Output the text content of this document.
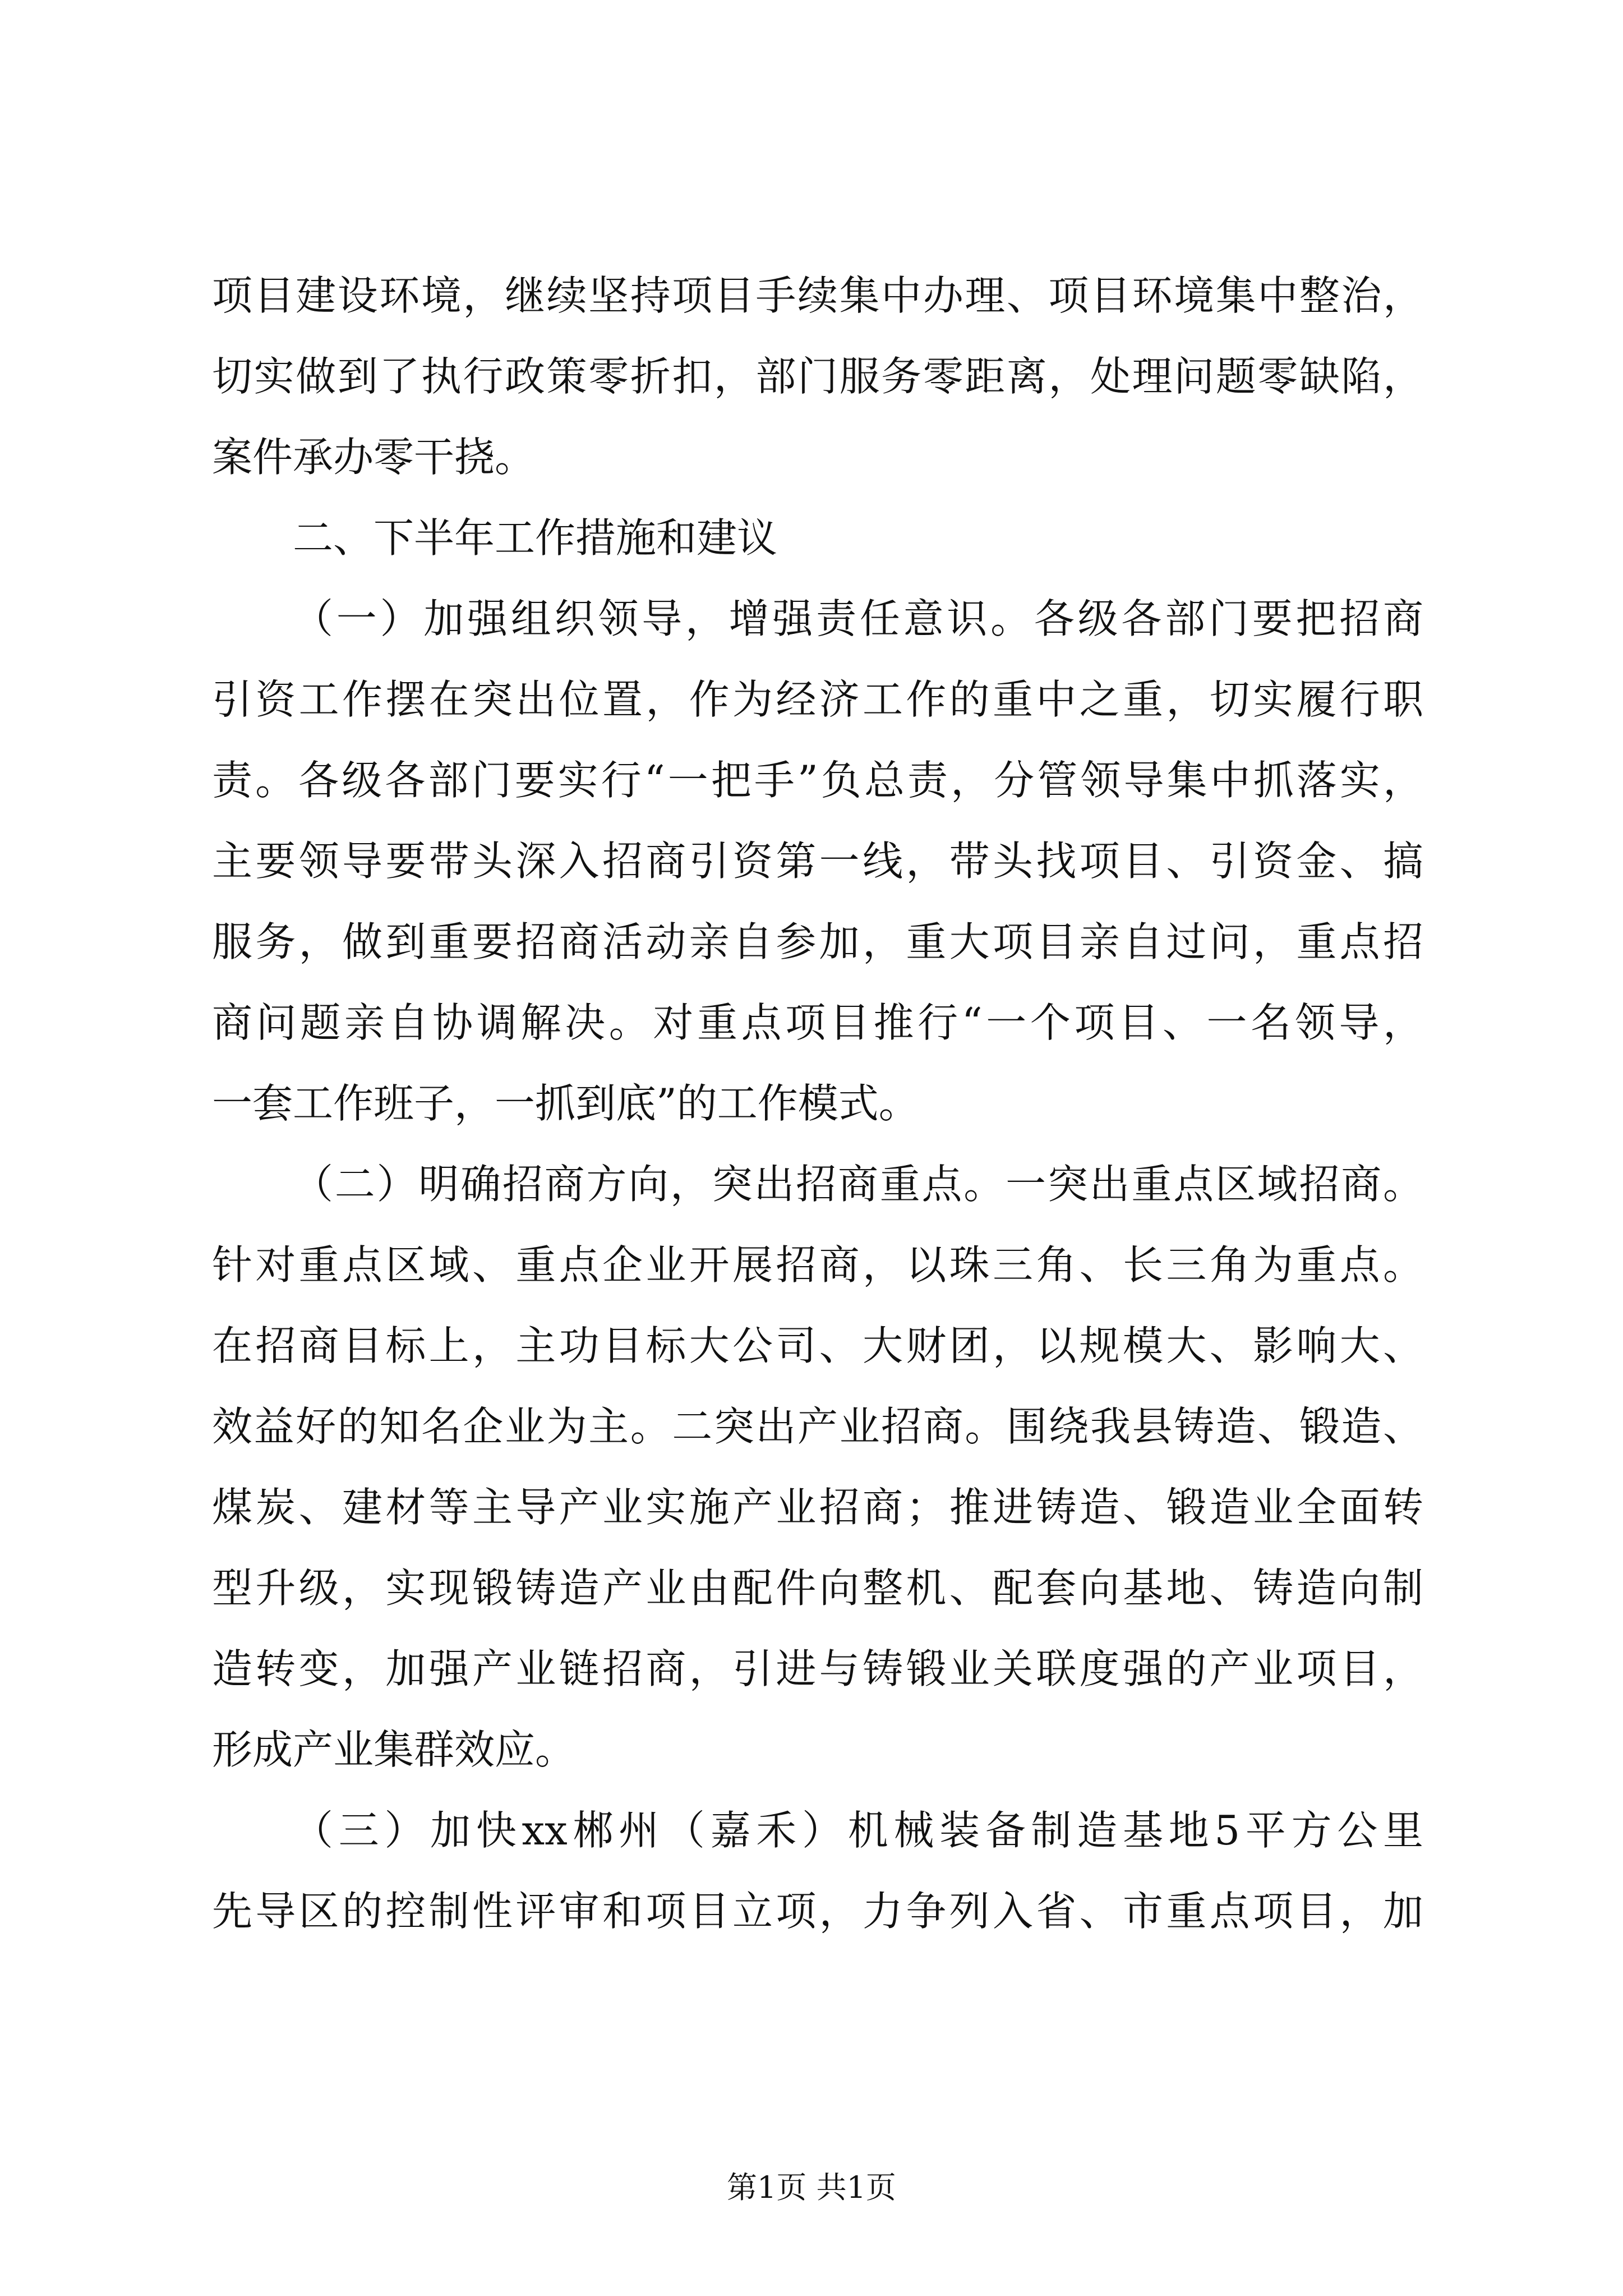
项目建设环境，继续坚持项目手续集中办理、项目环境集中整治，
切实做到了执行政策零折扣，部门服务零距离，处理问题零缺陷，
案件承办零干挠。
二、下半年工作措施和建议
（一）加强组织领导，增强责任意识。各级各部门要把招商
引资工作摆在突出位置，作为经济工作的重中之重，切实履行职
责。各级各部门要实行“一把手”负总责，分管领导集中抓落实，
主要领导要带头深入招商引资第一线，带头找项目、引资金、搞
服务，做到重要招商活动亲自参加，重大项目亲自过问，重点招
商问题亲自协调解决。对重点项目推行“一个项目、一名领导，
一套工作班子，一抓到底”的工作模式。
（二）明确招商方向，突出招商重点。一突出重点区域招商。
针对重点区域、重点企业开展招商，以珠三角、长三角为重点。
在招商目标上，主功目标大公司、大财团，以规模大、影响大、
效益好的知名企业为主。二突出产业招商。围绕我县铸造、锻造、
煤炭、建材等主导产业实施产业招商；推进铸造、锻造业全面转
型升级，实现锻铸造产业由配件向整机、配套向基地、铸造向制
造转变，加强产业链招商，引进与铸锻业关联度强的产业项目，
形成产业集群效应。
（三）加快xx郴州（嘉禾）机械装备制造基地5平方公里
先导区的控制性评审和项目立项，力争列入省、市重点项目，加
第1页 共1页
